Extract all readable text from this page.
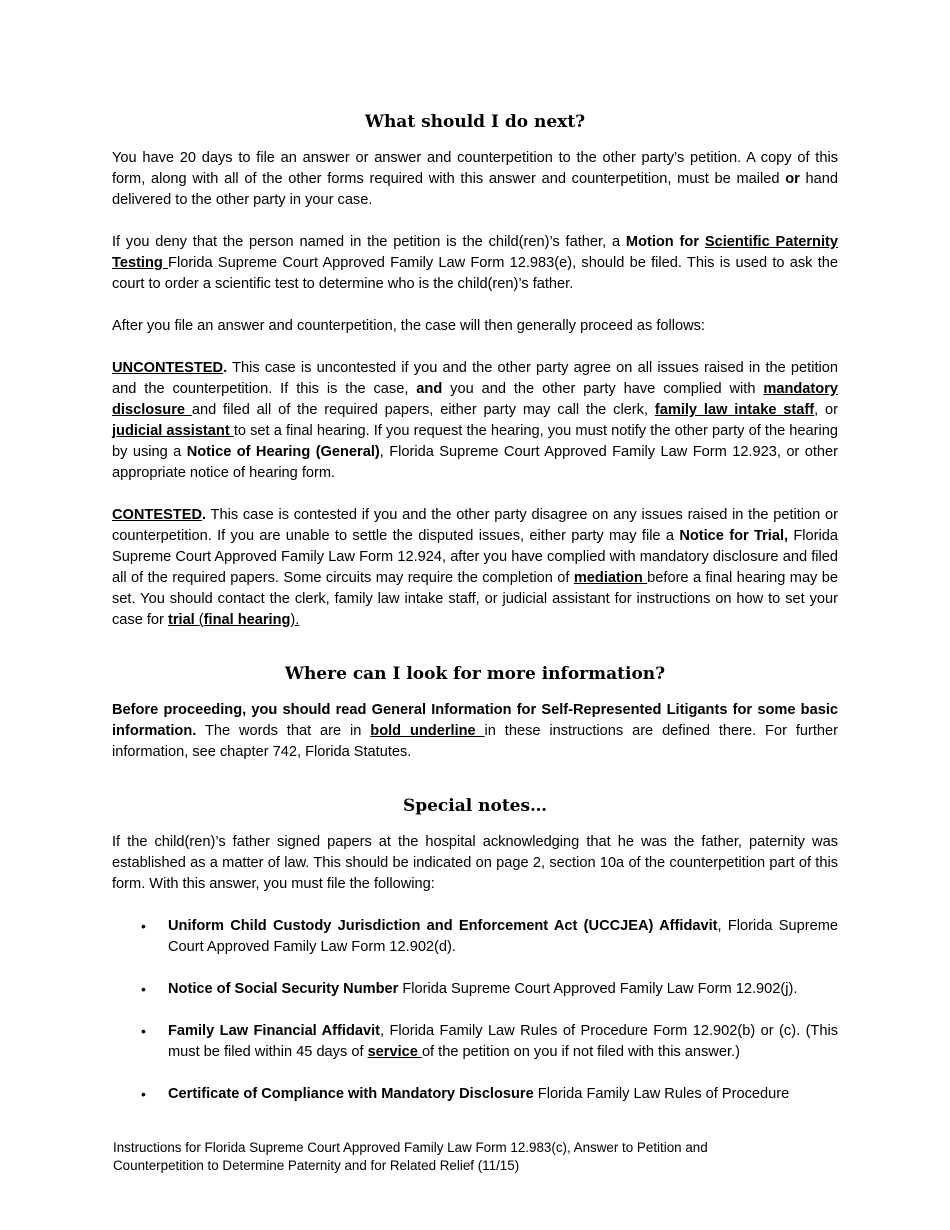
What should I do next?

You have 20 days to file an answer or answer and counterpetition to the other party’s petition. A copy of this form, along with all of the other forms required with this answer and counterpetition, must be mailed or hand delivered to the other party in your case.

If you deny that the person named in the petition is the child(ren)’s father, a Motion for Scientific Paternity Testing Florida Supreme Court Approved Family Law Form 12.983(e), should be filed. This is used to ask the court to order a scientific test to determine who is the child(ren)’s father.

After you file an answer and counterpetition, the case will then generally proceed as follows:

UNCONTESTED. This case is uncontested if you and the other party agree on all issues raised in the petition and the counterpetition. If this is the case, and you and the other party have complied with mandatory disclosure and filed all of the required papers, either party may call the clerk, family law intake staff, or judicial assistant to set a final hearing. If you request the hearing, you must notify the other party of the hearing by using a Notice of Hearing (General), Florida Supreme Court Approved Family Law Form 12.923, or other appropriate notice of hearing form.

CONTESTED. This case is contested if you and the other party disagree on any issues raised in the petition or counterpetition. If you are unable to settle the disputed issues, either party may file a Notice for Trial, Florida Supreme Court Approved Family Law Form 12.924, after you have complied with mandatory disclosure and filed all of the required papers. Some circuits may require the completion of mediation before a final hearing may be set. You should contact the clerk, family law intake staff, or judicial assistant for instructions on how to set your case for trial (final hearing).

Where can I look for more information?

Before proceeding, you should read General Information for Self-Represented Litigants for some basic information. The words that are in bold underline in these instructions are defined there. For further information, see chapter 742, Florida Statutes.

Special notes…

If the child(ren)’s father signed papers at the hospital acknowledging that he was the father, paternity was established as a matter of law. This should be indicated on page 2, section 10a of the counterpetition part of this form. With this answer, you must file the following:

• Uniform Child Custody Jurisdiction and Enforcement Act (UCCJEA) Affidavit, Florida Supreme Court Approved Family Law Form 12.902(d).
• Notice of Social Security Number Florida Supreme Court Approved Family Law Form 12.902(j).
• Family Law Financial Affidavit, Florida Family Law Rules of Procedure Form 12.902(b) or (c). (This must be filed within 45 days of service of the petition on you if not filed with this answer.)
• Certificate of Compliance with Mandatory Disclosure Florida Family Law Rules of Procedure
Instructions for Florida Supreme Court Approved Family Law Form 12.983(c), Answer to Petition and
Counterpetition to Determine Paternity and for Related Relief (11/15)
